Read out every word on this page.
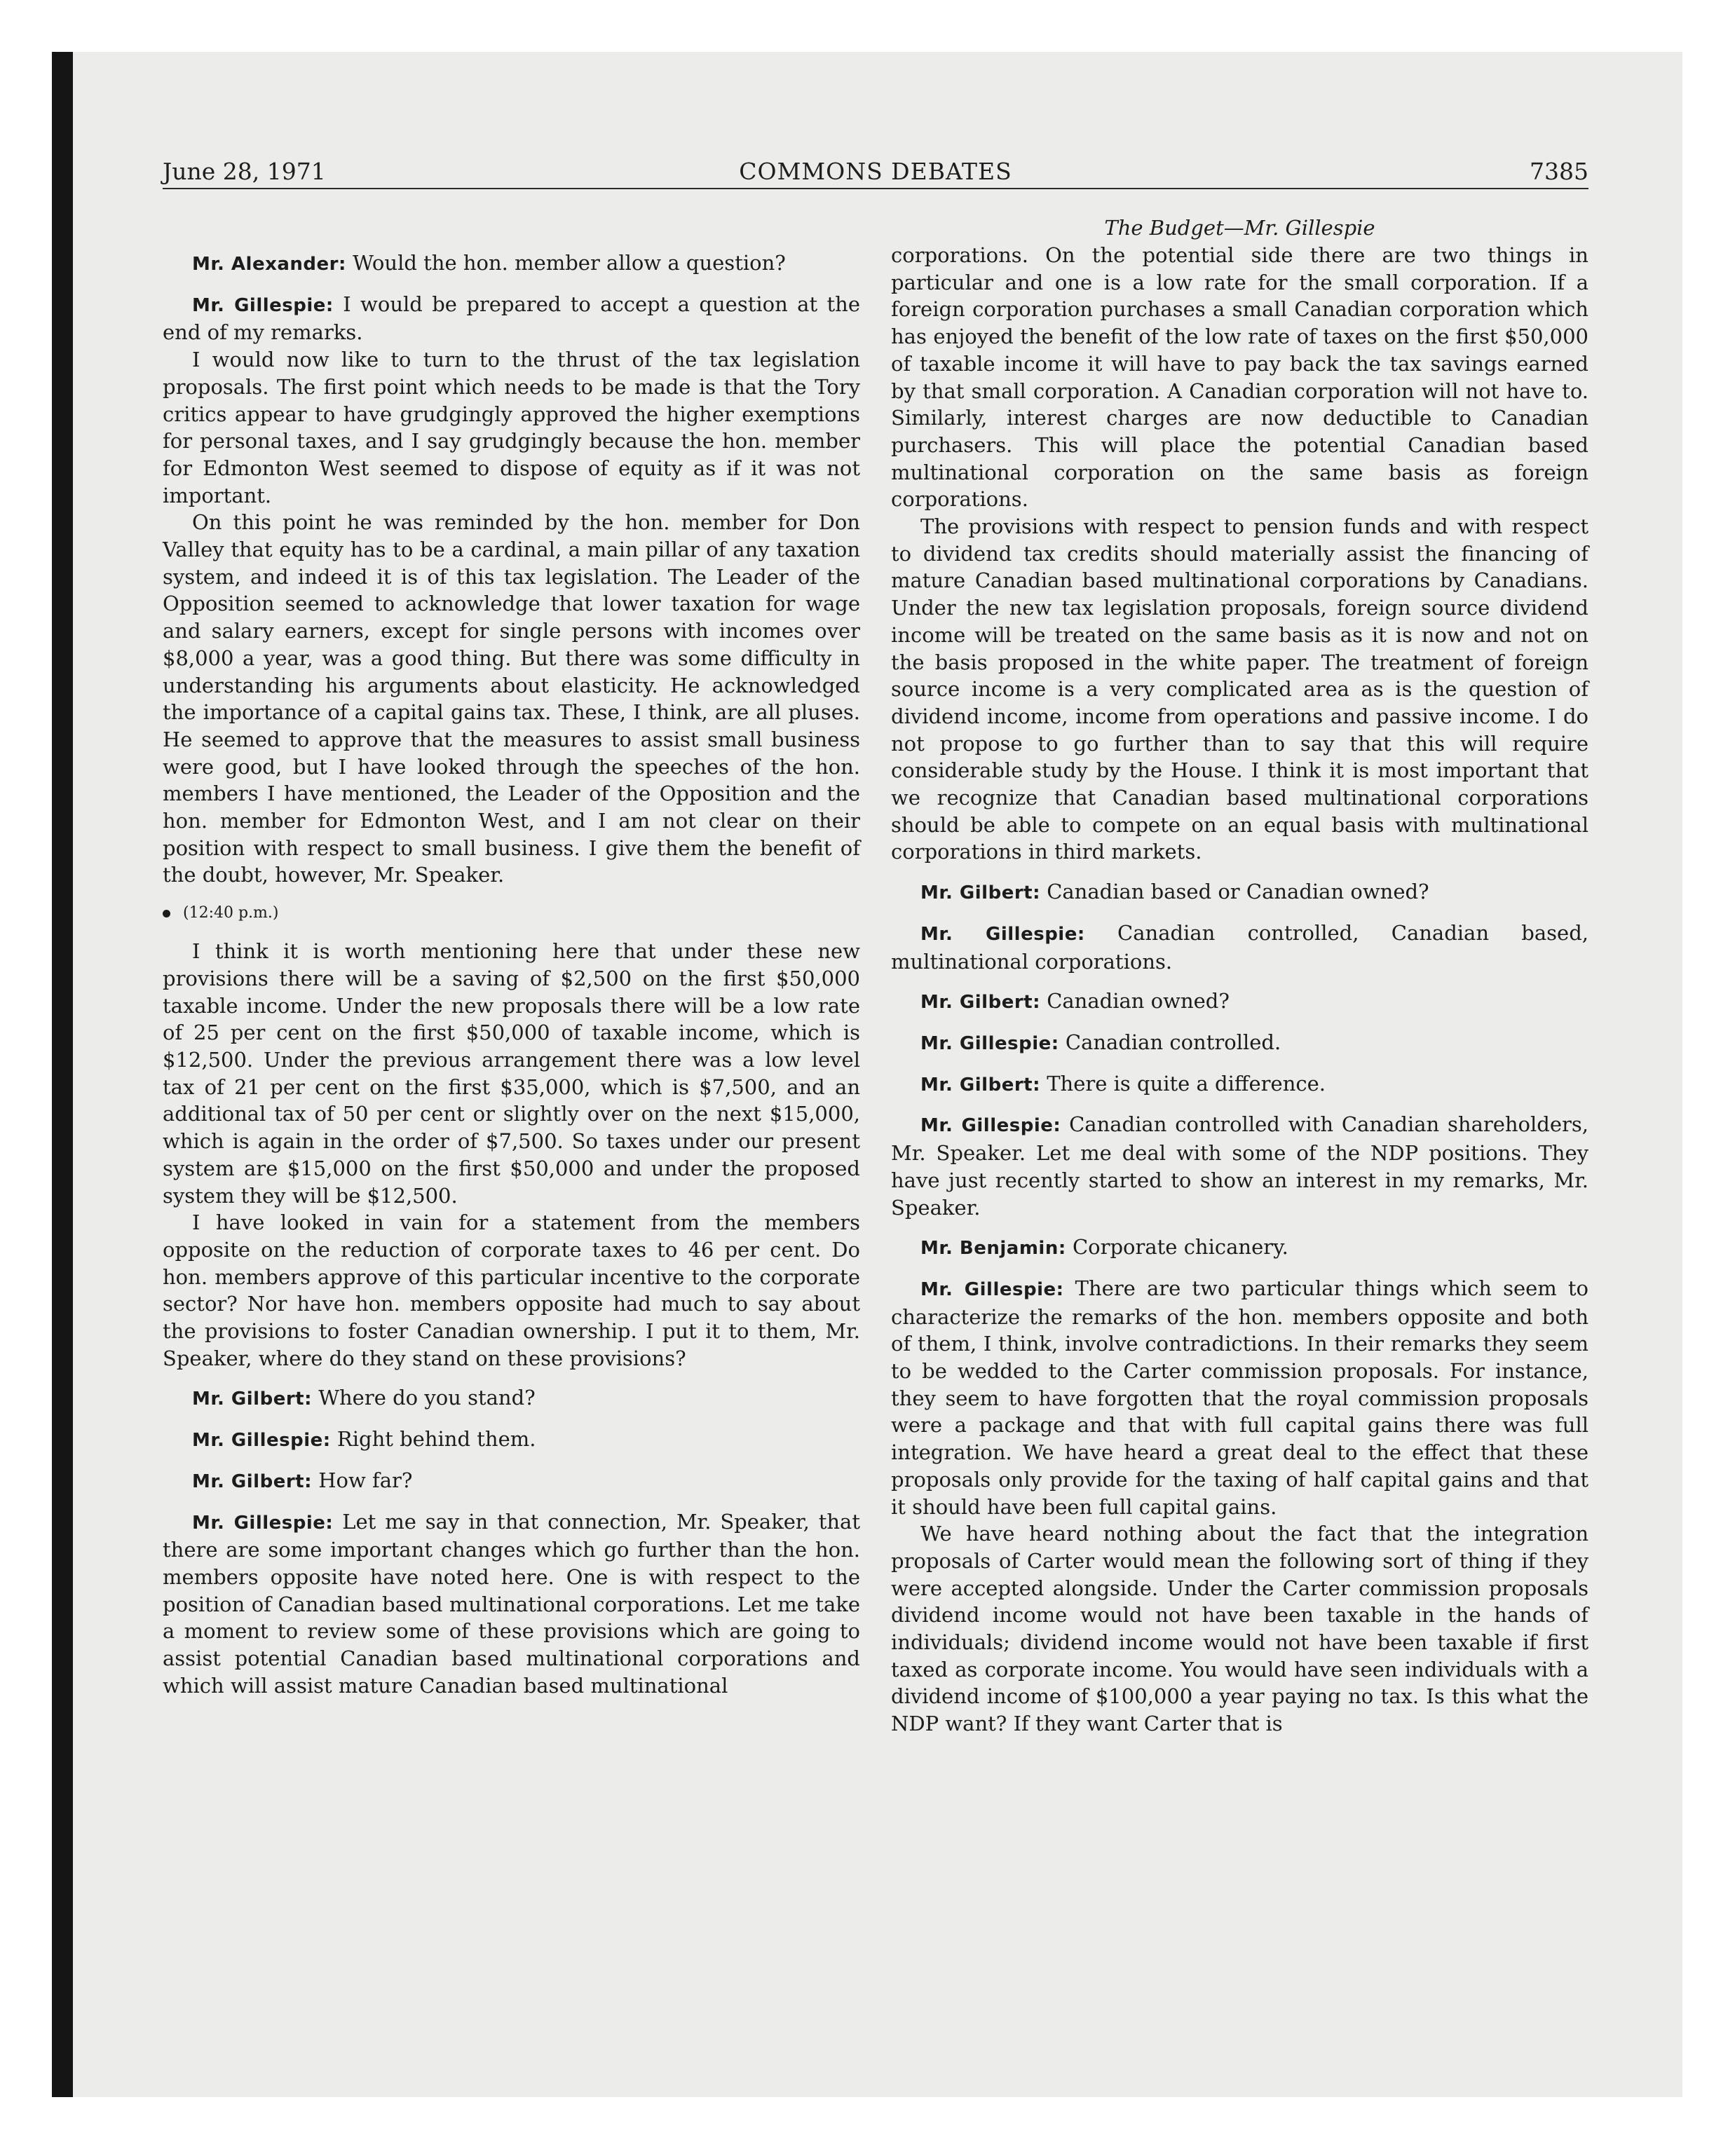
June 28, 1971	COMMONS DEBATES	7385

Mr. Alexander: Would the hon. member allow a question?

Mr. Gillespie: I would be prepared to accept a question at the end of my remarks.

I would now like to turn to the thrust of the tax legislation proposals. The first point which needs to be made is that the Tory critics appear to have grudgingly approved the higher exemptions for personal taxes, and I say grudgingly because the hon. member for Edmonton West seemed to dispose of equity as if it was not important.

On this point he was reminded by the hon. member for Don Valley that equity has to be a cardinal, a main pillar of any taxation system, and indeed it is of this tax legislation. The Leader of the Opposition seemed to acknowledge that lower taxation for wage and salary earners, except for single persons with incomes over $8,000 a year, was a good thing. But there was some difficulty in understanding his arguments about elasticity. He acknowledged the importance of a capital gains tax. These, I think, are all pluses. He seemed to approve that the measures to assist small business were good, but I have looked through the speeches of the hon. members I have mentioned, the Leader of the Opposition and the hon. member for Edmonton West, and I am not clear on their position with respect to small business. I give them the benefit of the doubt, however, Mr. Speaker.

(12:40 p.m.)

I think it is worth mentioning here that under these new provisions there will be a saving of $2,500 on the first $50,000 taxable income. Under the new proposals there will be a low rate of 25 per cent on the first $50,000 of taxable income, which is $12,500. Under the previous arrangement there was a low level tax of 21 per cent on the first $35,000, which is $7,500, and an additional tax of 50 per cent or slightly over on the next $15,000, which is again in the order of $7,500. So taxes under our present system are $15,000 on the first $50,000 and under the proposed system they will be $12,500.

I have looked in vain for a statement from the members opposite on the reduction of corporate taxes to 46 per cent. Do hon. members approve of this particular incentive to the corporate sector? Nor have hon. members opposite had much to say about the provisions to foster Canadian ownership. I put it to them, Mr. Speaker, where do they stand on these provisions?

Mr. Gilbert: Where do you stand?

Mr. Gillespie: Right behind them.

Mr. Gilbert: How far?

Mr. Gillespie: Let me say in that connection, Mr. Speaker, that there are some important changes which go further than the hon. members opposite have noted here. One is with respect to the position of Canadian based multinational corporations. Let me take a moment to review some of these provisions which are going to assist potential Canadian based multinational corporations and which will assist mature Canadian based multinational

The Budget—Mr. Gillespie

corporations. On the potential side there are two things in particular and one is a low rate for the small corporation. If a foreign corporation purchases a small Canadian corporation which has enjoyed the benefit of the low rate of taxes on the first $50,000 of taxable income it will have to pay back the tax savings earned by that small corporation. A Canadian corporation will not have to. Similarly, interest charges are now deductible to Canadian purchasers. This will place the potential Canadian based multinational corporation on the same basis as foreign corporations.

The provisions with respect to pension funds and with respect to dividend tax credits should materially assist the financing of mature Canadian based multinational corporations by Canadians. Under the new tax legislation proposals, foreign source dividend income will be treated on the same basis as it is now and not on the basis proposed in the white paper. The treatment of foreign source income is a very complicated area as is the question of dividend income, income from operations and passive income. I do not propose to go further than to say that this will require considerable study by the House. I think it is most important that we recognize that Canadian based multinational corporations should be able to compete on an equal basis with multinational corporations in third markets.

Mr. Gilbert: Canadian based or Canadian owned?

Mr. Gillespie: Canadian controlled, Canadian based, multinational corporations.

Mr. Gilbert: Canadian owned?

Mr. Gillespie: Canadian controlled.

Mr. Gilbert: There is quite a difference.

Mr. Gillespie: Canadian controlled with Canadian shareholders, Mr. Speaker. Let me deal with some of the NDP positions. They have just recently started to show an interest in my remarks, Mr. Speaker.

Mr. Benjamin: Corporate chicanery.

Mr. Gillespie: There are two particular things which seem to characterize the remarks of the hon. members opposite and both of them, I think, involve contradictions. In their remarks they seem to be wedded to the Carter commission proposals. For instance, they seem to have forgotten that the royal commission proposals were a package and that with full capital gains there was full integration. We have heard a great deal to the effect that these proposals only provide for the taxing of half capital gains and that it should have been full capital gains.

We have heard nothing about the fact that the integration proposals of Carter would mean the following sort of thing if they were accepted alongside. Under the Carter commission proposals dividend income would not have been taxable in the hands of individuals; dividend income would not have been taxable if first taxed as corporate income. You would have seen individuals with a dividend income of $100,000 a year paying no tax. Is this what the NDP want? If they want Carter that is
